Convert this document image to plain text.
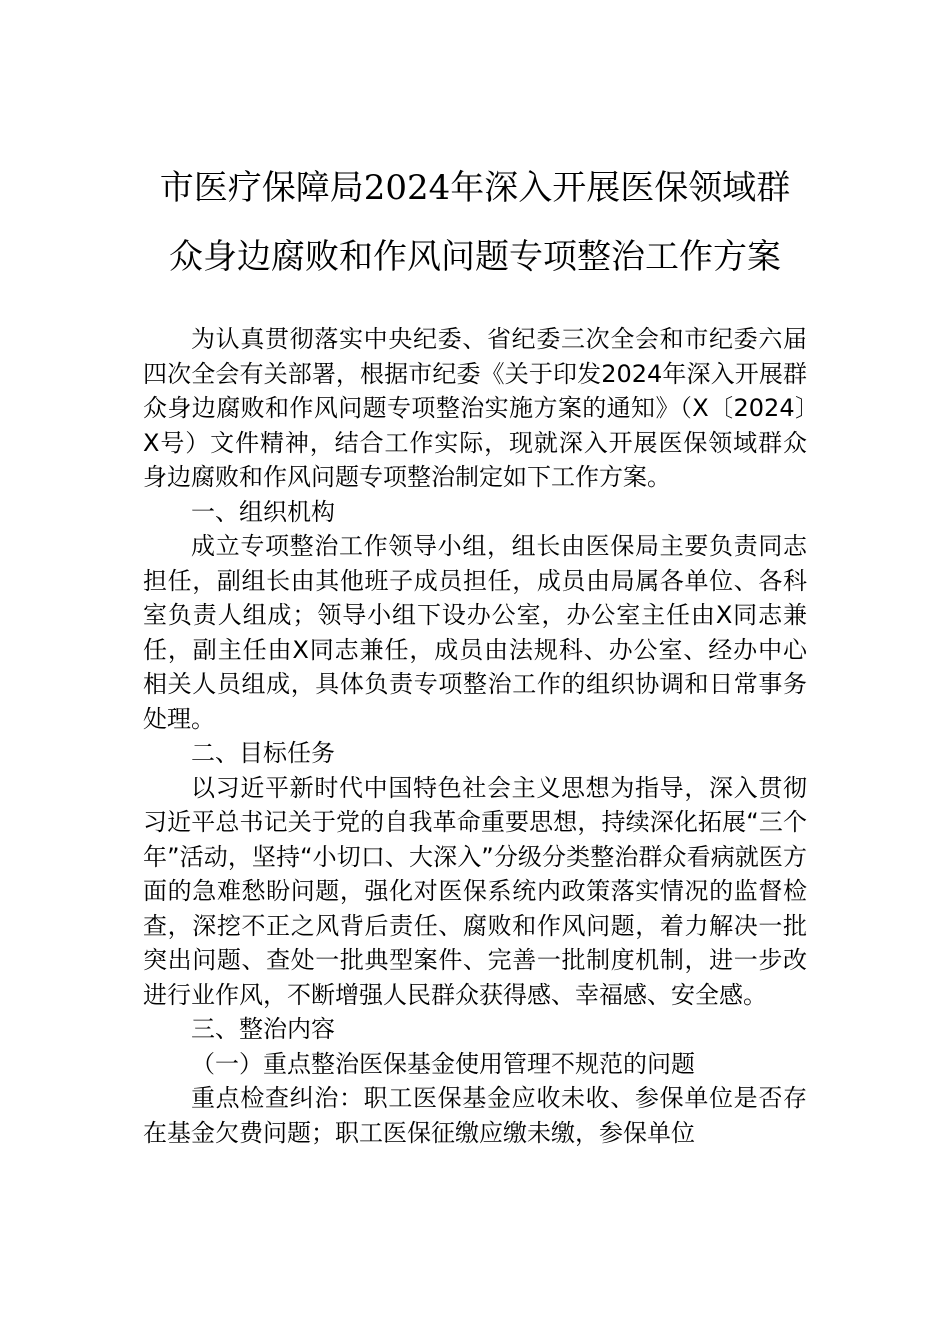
市医疗保障局2024年深入开展医保领域群
众身边腐败和作风问题专项整治工作方案

为认真贯彻落实中央纪委、省纪委三次全会和市纪委六届四次全会有关部署，根据市纪委《关于印发2024年深入开展群众身边腐败和作风问题专项整治实施方案的通知》（X〔2024〕X号）文件精神，结合工作实际，现就深入开展医保领域群众身边腐败和作风问题专项整治制定如下工作方案。

一、组织机构

成立专项整治工作领导小组，组长由医保局主要负责同志担任，副组长由其他班子成员担任，成员由局属各单位、各科室负责人组成；领导小组下设办公室，办公室主任由X同志兼任，副主任由X同志兼任，成员由法规科、办公室、经办中心相关人员组成，具体负责专项整治工作的组织协调和日常事务处理。

二、目标任务

以习近平新时代中国特色社会主义思想为指导，深入贯彻习近平总书记关于党的自我革命重要思想，持续深化拓展“三个年”活动，坚持“小切口、大深入”分级分类整治群众看病就医方面的急难愁盼问题，强化对医保系统内政策落实情况的监督检查，深挖不正之风背后责任、腐败和作风问题，着力解决一批突出问题、查处一批典型案件、完善一批制度机制，进一步改进行业作风，不断增强人民群众获得感、幸福感、安全感。

三、整治内容

（一）重点整治医保基金使用管理不规范的问题

重点检查纠治：职工医保基金应收未收、参保单位是否存在基金欠费问题；职工医保征缴应缴未缴，参保单位
